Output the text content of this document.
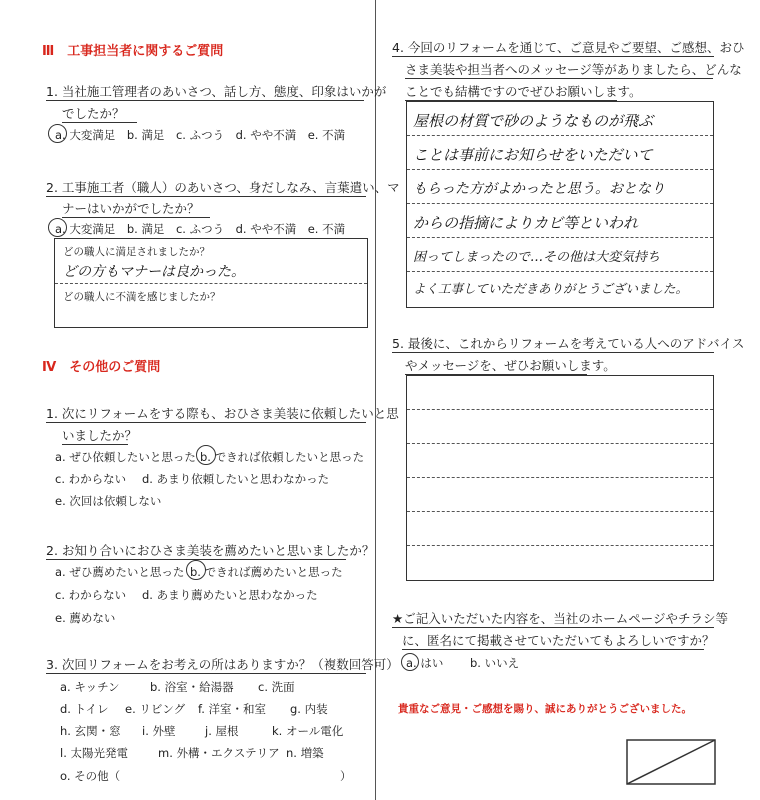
Ⅲ　工事担当者に関するご質問
1. 当社施工管理者のあいさつ、話し方、態度、印象はいかが
でしたか？
a. 大変満足　b. 満足　c. ふつう　d. やや不満　e. 不満
2. 工事施工者（職人）のあいさつ、身だしなみ、言葉遣い、マ
ナーはいかがでしたか？
a. 大変満足　b. 満足　c. ふつう　d. やや不満　e. 不満
どの職人に満足されましたか？
どの方もマナーは良かった。
どの職人に不満を感じましたか？
Ⅳ　その他のご質問
1. 次にリフォームをする際も、おひさま美装に依頼したいと思
いましたか？
a. ぜひ依頼したいと思った b. できれば依頼したいと思った
c. わからない d. あまり依頼したいと思わなかった
e. 次回は依頼しない
2. お知り合いにおひさま美装を薦めたいと思いましたか？
a. ぜひ薦めたいと思った b. できれば薦めたいと思った
c. わからない d. あまり薦めたいと思わなかった
e. 薦めない
3. 次回リフォームをお考えの所はありますか？（複数回答可）
a. キッチン	b. 浴室・給湯器 c. 洗面
d. トイレ e. リビング f. 洋室・和室 g. 内装
h. 玄関・窓 i. 外壁	j. 屋根	k. オール電化
l. 太陽光発電	m. 外構・エクステリア n. 増築
o. その他（	）
4. 今回のリフォームを通じて、ご意見やご要望、ご感想、おひ
さま美装や担当者へのメッセージ等がありましたら、どんな
ことでも結構ですのでぜひお願いします。
屋根の材質で砂のようなものが飛ぶ
ことは事前にお知らせをいただいて
もらった方がよかったと思う。おとなり
からの指摘によりカビ等といわれ
困ってしまったので…その他は大変気持ち
よく工事していただきありがとうございました。
5. 最後に、これからリフォームを考えている人へのアドバイス
やメッセージを、ぜひお願いします。
★ご記入いただいた内容を、当社のホームページやチラシ等
に、匿名にて掲載させていただいてもよろしいですか？
a. はい b. いいえ
貴重なご意見・ご感想を賜り、誠にありがとうございました。
